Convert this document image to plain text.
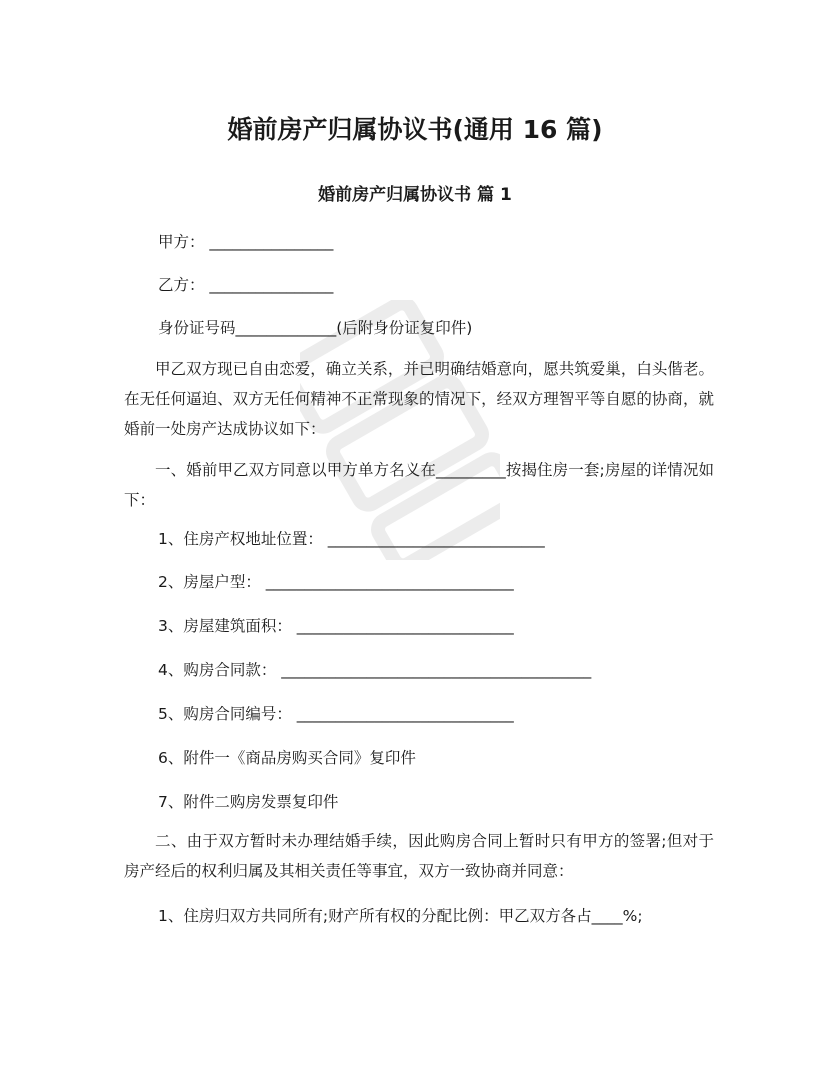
婚前房产归属协议书(通用 16 篇)
婚前房产归属协议书 篇 1

甲方： ________________

乙方： ________________

身份证号码_____________(后附身份证复印件)

甲乙双方现已自由恋爱，确立关系，并已明确结婚意向，愿共筑爱巢，白头偕老。在无任何逼迫、双方无任何精神不正常现象的情况下，经双方理智平等自愿的协商，就婚前一处房产达成协议如下：

一、婚前甲乙双方同意以甲方单方名义在_________按揭住房一套;房屋的详情况如下：

1、住房产权地址位置： ____________________________

2、房屋户型： ________________________________

3、房屋建筑面积： ____________________________

4、购房合同款： ________________________________________

5、购房合同编号： ____________________________

6、附件一《商品房购买合同》复印件

7、附件二购房发票复印件

二、由于双方暂时未办理结婚手续，因此购房合同上暂时只有甲方的签署;但对于房产经后的权利归属及其相关责任等事宜，双方一致协商并同意：

1、住房归双方共同所有;财产所有权的分配比例：甲乙双方各占____%;
